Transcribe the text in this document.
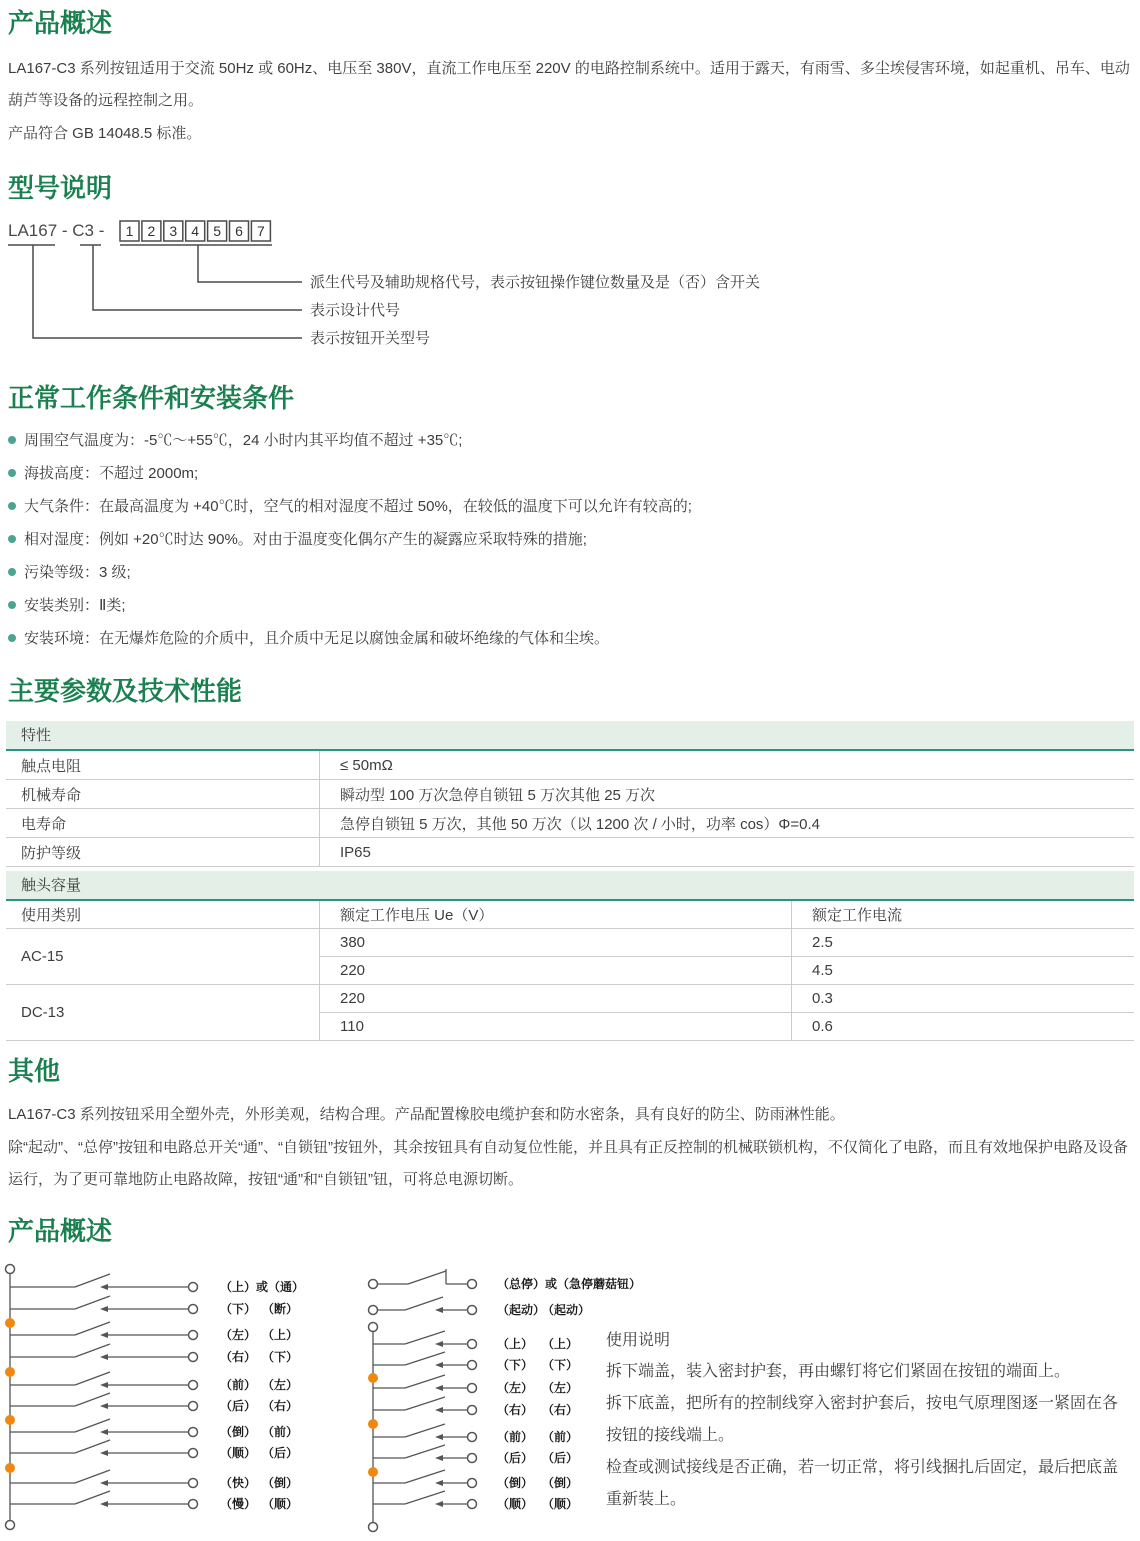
产品概述

LA167-C3 系列按钮适用于交流 50Hz 或 60Hz、电压至 380V，直流工作电压至 220V 的电路控制系统中。适用于露天，有雨雪、多尘埃侵害环境，如起重机、吊车、电动葫芦等设备的远程控制之用。

产品符合 GB 14048.5 标准。

型号说明
LA167 - C3 - 1 2 3 4 5 6 7
派生代号及辅助规格代号，表示按钮操作键位数量及是（否）含开关
表示设计代号
表示按钮开关型号
正常工作条件和安装条件
周围空气温度为：-5℃～+55℃，24 小时内其平均值不超过 +35℃;
海拔高度：不超过 2000m;
大气条件：在最高温度为 +40℃时，空气的相对湿度不超过 50%，在较低的温度下可以允许有较高的;
相对湿度：例如 +20℃时达 90%。对由于温度变化偶尔产生的凝露应采取特殊的措施;
污染等级：3 级;
安装类别：Ⅱ类;
安装环境：在无爆炸危险的介质中，且介质中无足以腐蚀金属和破坏绝缘的气体和尘埃。
主要参数及技术性能
特性
触点电阻	≤ 50mΩ
机械寿命	瞬动型 100 万次急停自锁钮 5 万次其他 25 万次
电寿命	急停自锁钮 5 万次，其他 50 万次（以 1200 次 / 小时，功率 cos）Φ=0.4
防护等级	IP65
触头容量
使用类别	额定工作电压 Ue（V）	额定工作电流
AC-15	380	2.5
	220	4.5
DC-13	220	0.3
	110	0.6
其他

LA167-C3 系列按钮采用全塑外壳，外形美观，结构合理。产品配置橡胶电缆护套和防水密条，具有良好的防尘、防雨淋性能。

除“起动”、“总停”按钮和电路总开关“通”、“自锁钮”按钮外，其余按钮具有自动复位性能，并且具有正反控制的机械联锁机构，不仅简化了电路，而且有效地保护电路及设备运行，为了更可靠地防止电路故障，按钮“通”和“自锁钮”钮，可将总电源切断。

产品概述
（上）或（通）
（下） （断）
（左） （上）
（右） （下）
（前） （左）
（后） （右）
（倒） （前）
（顺） （后）
（快） （倒）
（慢） （顺）
（总停）或（急停蘑菇钮）
（起动）
（起动）
（上） （上）
（下） （下）
（左） （左）
（右） （右）
（前） （前）
（后） （后）
（倒） （倒）
（顺） （顺）
使用说明

拆下端盖，装入密封护套，再由螺钉将它们紧固在按钮的端面上。

拆下底盖，把所有的控制线穿入密封护套后，按电气原理图逐一紧固在各按钮的接线端上。

检查或测试接线是否正确，若一切正常，将引线捆扎后固定，最后把底盖重新装上。
